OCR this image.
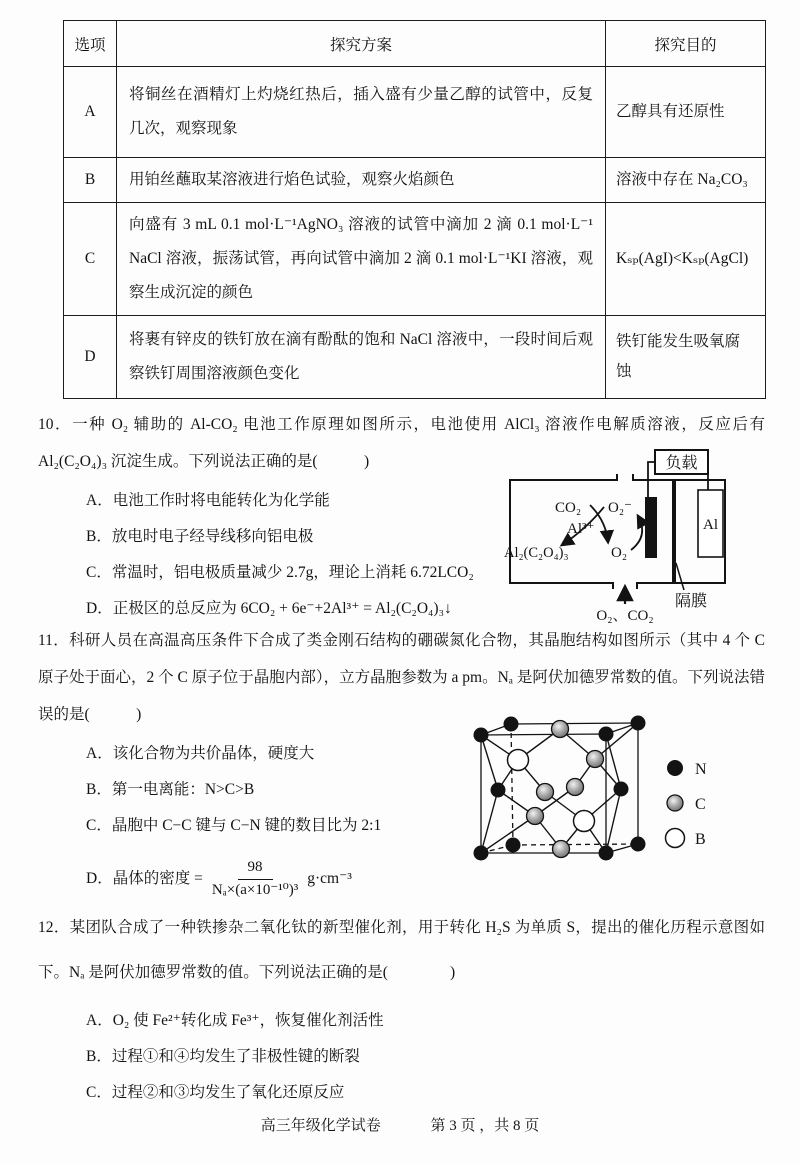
选项	探究方案	探究目的
A	将铜丝在酒精灯上灼烧红热后，插入盛有少量乙醇的试管中，反复几次，观察现象	乙醇具有还原性
B	用铂丝蘸取某溶液进行焰色试验，观察火焰颜色	溶液中存在 Na₂CO₃
C	向盛有 3 mL 0.1 mol·L⁻¹AgNO₃ 溶液的试管中滴加 2 滴 0.1 mol·L⁻¹ NaCl 溶液，振荡试管，再向试管中滴加 2 滴 0.1 mol·L⁻¹KI 溶液，观察生成沉淀的颜色	Kₛₚ(AgI)<Kₛₚ(AgCl)
D	将裹有锌皮的铁钉放在滴有酚酞的饱和 NaCl 溶液中，一段时间后观察铁钉周围溶液颜色变化	铁钉能发生吸氧腐蚀

10．一种 O₂ 辅助的 Al-CO₂ 电池工作原理如图所示，电池使用 AlCl₃ 溶液作电解质溶液，反应后有 Al₂(C₂O₄)₃ 沉淀生成。下列说法正确的是(　　　)

A．电池工作时将电能转化为化学能
B．放电时电子经导线移向铝电极
C．常温时，铝电极质量减少 2.7g，理论上消耗 6.72LCO₂
D．正极区的总反应为 6CO₂ + 6e⁻+2Al³⁺ = Al₂(C₂O₄)₃↓
负载
Al
隔膜
CO₂ O₂⁻
Al³⁺
Al₂(C₂O₄)₃	O₂
O₂、CO₂

11．科研人员在高温高压条件下合成了类金刚石结构的硼碳氮化合物，其晶胞结构如图所示（其中 4 个 C 原子处于面心，2 个 C 原子位于晶胞内部），立方晶胞参数为 a pm。Nₐ 是阿伏加德罗常数的值。下列说法错误的是(　　　)

A．该化合物为共价晶体，硬度大
B．第一电离能：N>C>B
C．晶胞中 C−C 键与 C−N 键的数目比为 2:1
D．晶体的密度 = $\frac{98}{\text{Nₐ×(a×10⁻¹⁰)³}} g\cdot cm^{-3}$
N
C
B

12．某团队合成了一种铁掺杂二氧化钛的新型催化剂，用于转化 H₂S 为单质 S，提出的催化历程示意图如下。Nₐ 是阿伏加德罗常数的值。下列说法正确的是(　　　　)

A．O₂ 使 Fe²⁺转化成 Fe³⁺，恢复催化剂活性
B．过程①和④均发生了非极性键的断裂
C．过程②和③均发生了氧化还原反应
高三年级化学试卷	第 3 页 ，共 8 页
